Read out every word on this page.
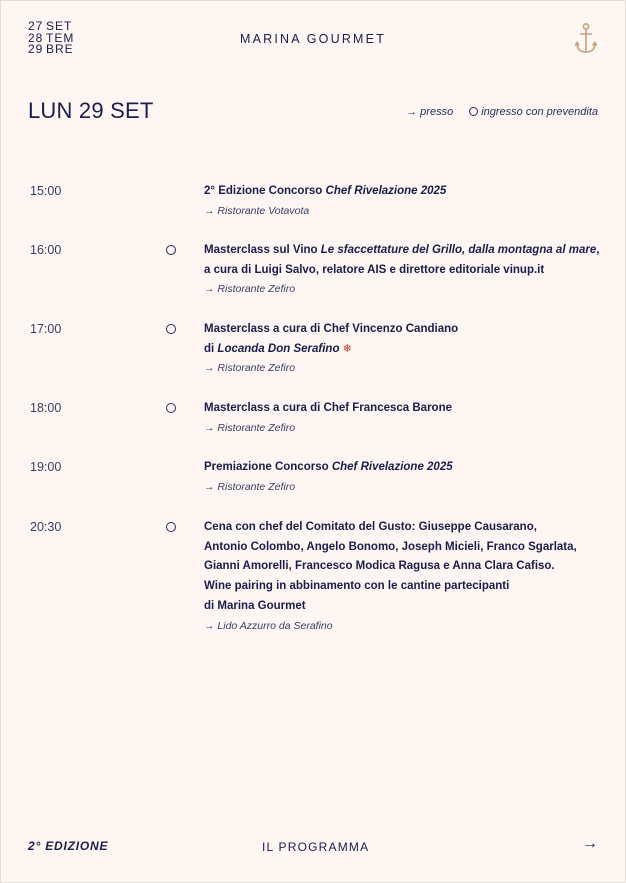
27 SET
28 TEM
29 BRE
MARINA GOURMET
LUN 29 SET	→ presso	ingresso con prevendita
15:00	2° Edizione Concorso Chef Rivelazione 2025
→ Ristorante Votavota
16:00	Masterclass sul Vino Le sfaccettature del Grillo, dalla montagna al mare,
a cura di Luigi Salvo, relatore AIS e direttore editoriale vinup.it
→ Ristorante Zefiro
17:00	Masterclass a cura di Chef Vincenzo Candiano
di Locanda Don Serafino ❄
→ Ristorante Zefiro
18:00	Masterclass a cura di Chef Francesca Barone
→ Ristorante Zefiro
19:00	Premiazione Concorso Chef Rivelazione 2025
→ Ristorante Zefiro
20:30	Cena con chef del Comitato del Gusto: Giuseppe Causarano,
Antonio Colombo, Angelo Bonomo, Joseph Micieli, Franco Sgarlata,
Gianni Amorelli, Francesco Modica Ragusa e Anna Clara Cafiso.
Wine pairing in abbinamento con le cantine partecipanti
di Marina Gourmet
→ Lido Azzurro da Serafino
2° EDIZIONE	IL PROGRAMMA	→
